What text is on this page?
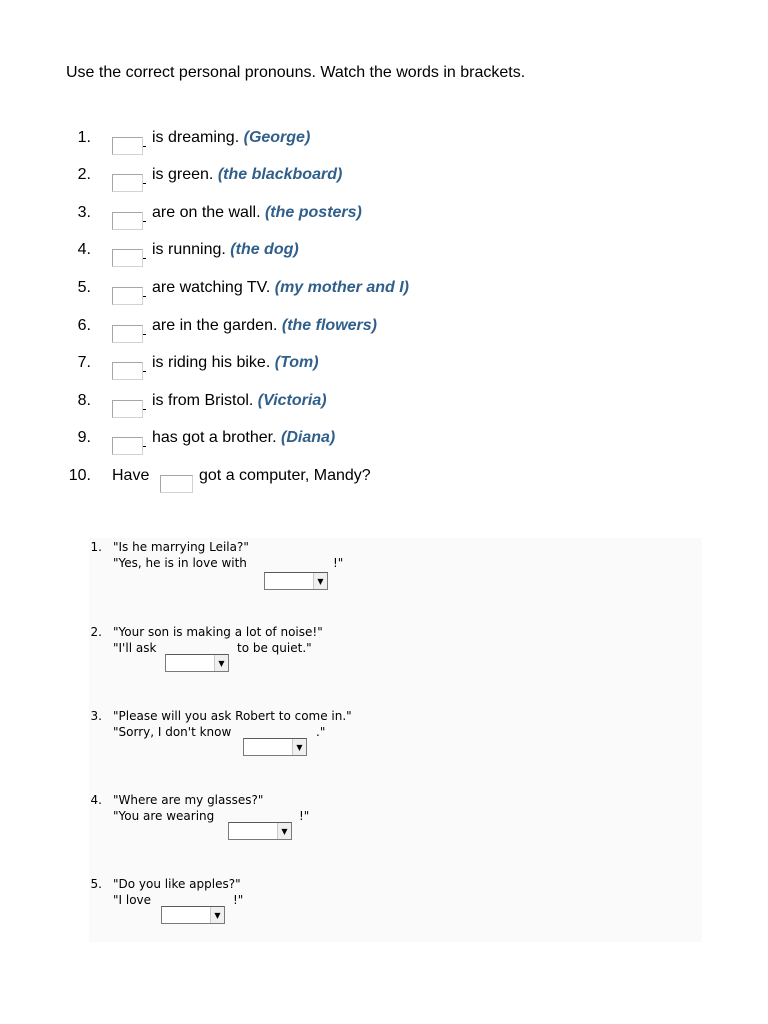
Use the correct personal pronouns. Watch the words in brackets.
1.	is dreaming. (George)
2.	is green. (the blackboard)
3.	are on the wall. (the posters)
4.	is running. (the dog)
5.	are watching TV. (my mother and I)
6.	are in the garden. (the flowers)
7.	is riding his bike. (Tom)
8.	is from Bristol. (Victoria)
9.	has got a brother. (Diana)
10. Have	got a computer, Mandy?
1. "Is he marrying Leila?"
"Yes, he is in love with
▼
!"
2. "Your son is making a lot of noise!"
"I'll ask
▼
to be quiet."
3. "Please will you ask Robert to come in."
"Sorry, I don't know
▼
."
4. "Where are my glasses?"
"You are wearing
▼
!"
5. "Do you like apples?"
"I love
▼
!"
